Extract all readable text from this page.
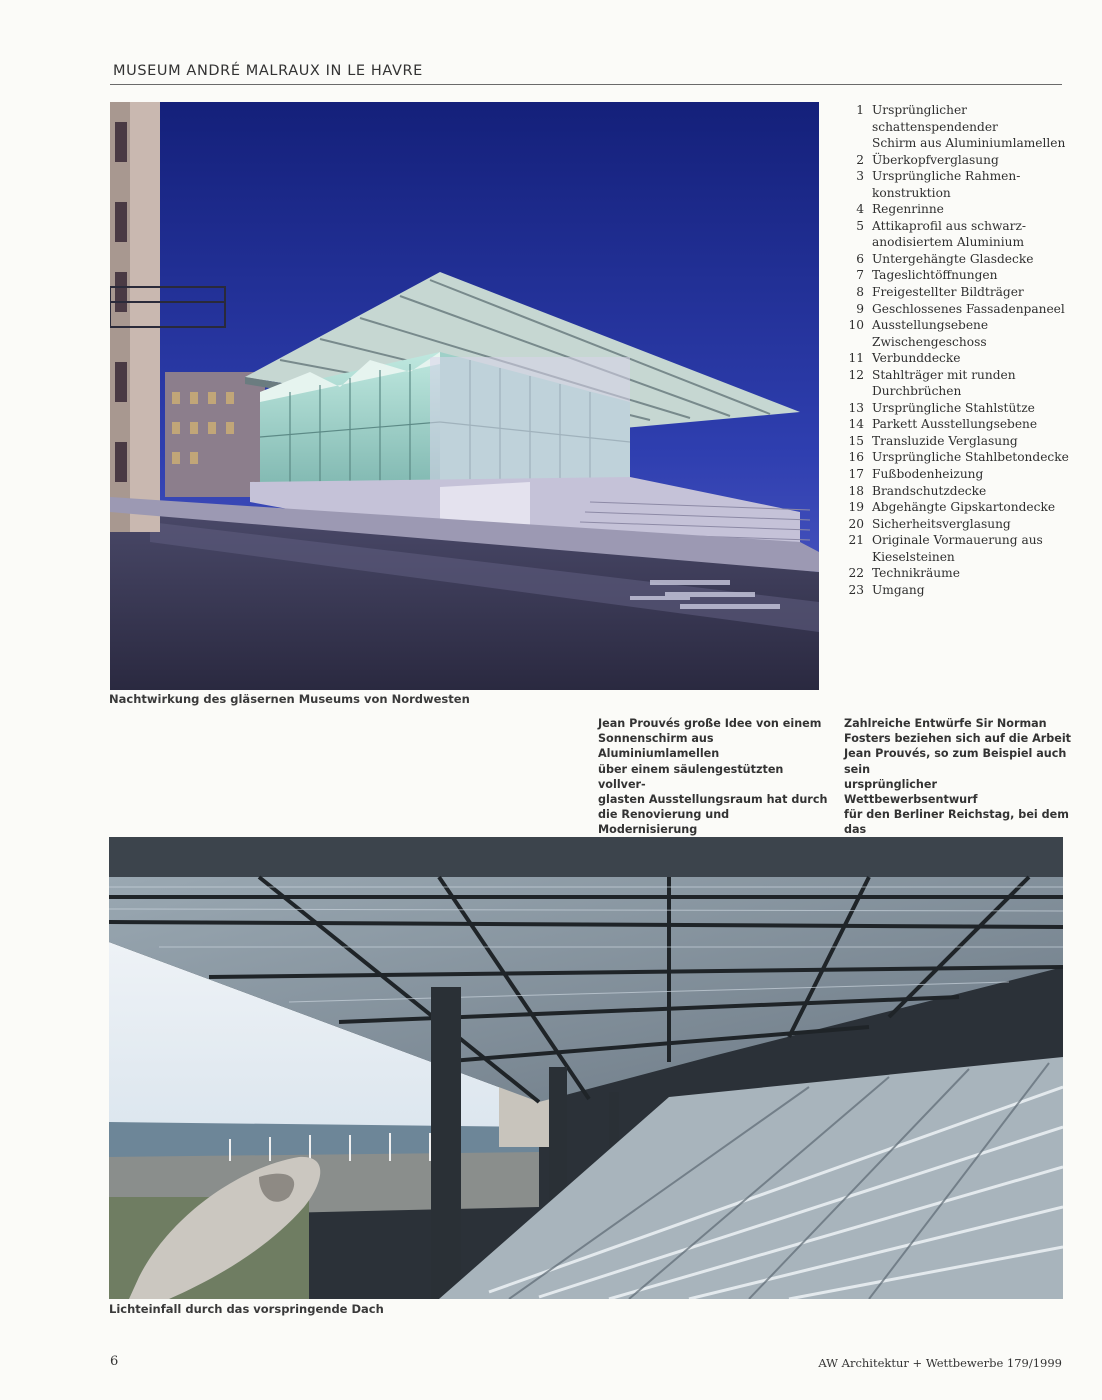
MUSEUM ANDRÉ MALRAUX IN LE HAVRE
Nachtwirkung des gläsernen Museums von Nordwesten
1 Ursprünglicher schattenspendender
Schirm aus Aluminiumlamellen
2 Überkopfverglasung
3 Ursprüngliche Rahmen-
konstruktion
4 Regenrinne
5 Attikaprofil aus schwarz-
anodisiertem Aluminium
6 Untergehängte Glasdecke
7 Tageslichtöffnungen
8 Freigestellter Bildträger
9 Geschlossenes Fassadenpaneel
10 Ausstellungsebene
Zwischengeschoss
11 Verbunddecke
12 Stahlträger mit runden
Durchbrüchen
13 Ursprüngliche Stahlstütze
14 Parkett Ausstellungsebene
15 Transluzide Verglasung
16 Ursprüngliche Stahlbetondecke
17 Fußbodenheizung
18 Brandschutzdecke
19 Abgehängte Gipskartondecke
20 Sicherheitsverglasung
21 Originale Vormauerung aus
Kieselsteinen
22 Technikräume
23 Umgang
Jean Prouvés große Idee von einem
Sonnenschirm aus Aluminiumlamellen
über einem säulengestützten vollver-
glasten Ausstellungsraum hat durch
die Renovierung und Modernisierung

Zahlreiche Entwürfe Sir Norman
Fosters beziehen sich auf die Arbeit
Jean Prouvés, so zum Beispiel auch sein
ursprünglicher Wettbewerbsentwurf
für den Berliner Reichstag, bei dem das

Lichteinfall durch das vorspringende Dach
6	AW Architektur + Wettbewerbe 179/1999
